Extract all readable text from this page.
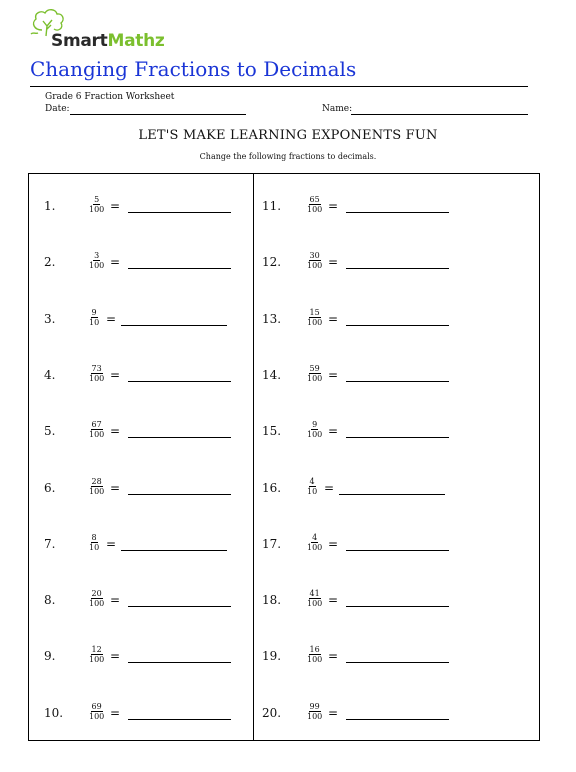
SmartMathz
Changing Fractions to Decimals
Grade 6 Fraction Worksheet
Date:	Name:
LET'S MAKE LEARNING EXPONENTS FUN
Change the following fractions to decimals.
1.	$\frac{5}{100}$ =
2.	$\frac{3}{100}$ =
3.	$\frac{9}{10}$ =
4.	$\frac{73}{100}$ =
5.	$\frac{67}{100}$ =
6.	$\frac{28}{100}$ =
7.	$\frac{8}{10}$ =
8.	$\frac{20}{100}$ =
9.	$\frac{12}{100}$ =
10.	$\frac{69}{100}$ =
11.	$\frac{65}{100}$ =
12.	$\frac{30}{100}$ =
13.	$\frac{15}{100}$ =
14.	$\frac{59}{100}$ =
15.	$\frac{9}{100}$ =
16.	$\frac{4}{10}$ =
17.	$\frac{4}{100}$ =
18.	$\frac{41}{100}$ =
19.	$\frac{16}{100}$ =
20.	$\frac{99}{100}$ =
